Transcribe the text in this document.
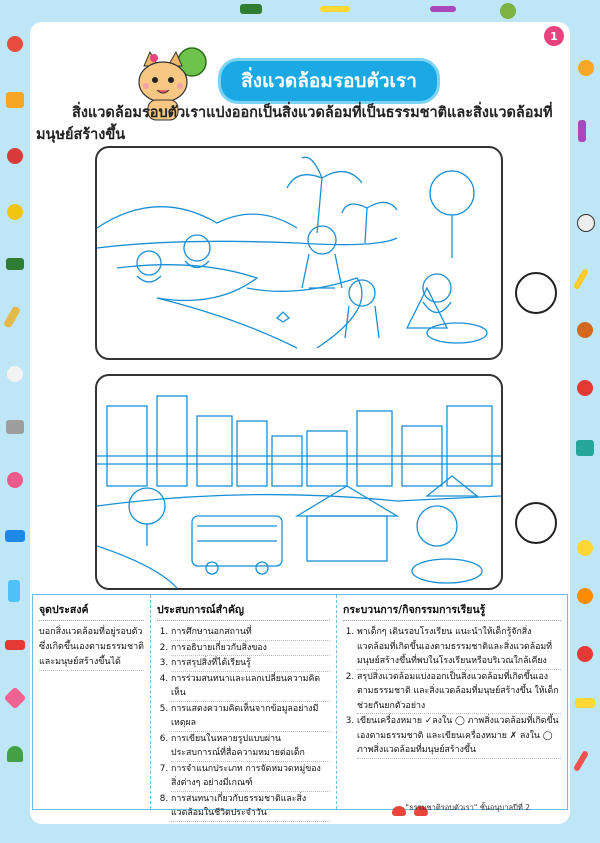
1
สิ่งแวดล้อมรอบตัวเรา
สิ่งแวดล้อมรอบตัวเราแบ่งออกเป็นสิ่งแวดล้อมที่เป็นธรรมชาติและสิ่งแวดล้อมที่มนุษย์สร้างขึ้น
จุดประสงค์

บอกสิ่งแวดล้อมที่อยู่รอบตัวซึ่งเกิดขึ้นเองตามธรรมชาติและมนุษย์สร้างขึ้นได้

ประสบการณ์สำคัญ
1. การศึกษานอกสถานที่
2. การอธิบายเกี่ยวกับสิ่งของ
3. การสรุปสิ่งที่ได้เรียนรู้
4. การร่วมสนทนาและแลกเปลี่ยนความคิดเห็น
5. การแสดงความคิดเห็นจากข้อมูลอย่างมีเหตุผล
6. การเขียนในหลายรูปแบบผ่านประสบการณ์ที่สื่อความหมายต่อเด็ก
7. การจำแนกประเภท การจัดหมวดหมู่ของสิ่งต่างๆ อย่างมีเกณฑ์
8. การสนทนาเกี่ยวกับธรรมชาติและสิ่งแวดล้อมในชีวิตประจำวัน
กระบวนการ/กิจกรรมการเรียนรู้
1. พาเด็กๆ เดินรอบโรงเรียน แนะนำให้เด็กรู้จักสิ่งแวดล้อมที่เกิดขึ้นเองตามธรรมชาติและสิ่งแวดล้อมที่มนุษย์สร้างขึ้นที่พบในโรงเรียนหรือบริเวณใกล้เคียง
2. สรุปสิ่งแวดล้อมแบ่งออกเป็นสิ่งแวดล้อมที่เกิดขึ้นเองตามธรรมชาติ และสิ่งแวดล้อมที่มนุษย์สร้างขึ้น ให้เด็กช่วยกันยกตัวอย่าง
3. เขียนเครื่องหมาย ✓ลงใน ◯ ภาพสิ่งแวดล้อมที่เกิดขึ้นเองตามธรรมชาติ และเขียนเครื่องหมาย ✗ ลงใน ◯ ภาพสิ่งแวดล้อมที่มนุษย์สร้างขึ้น
"ธรรมชาติรอบตัวเรา" ชั้นอนุบาลปีที่ 2
